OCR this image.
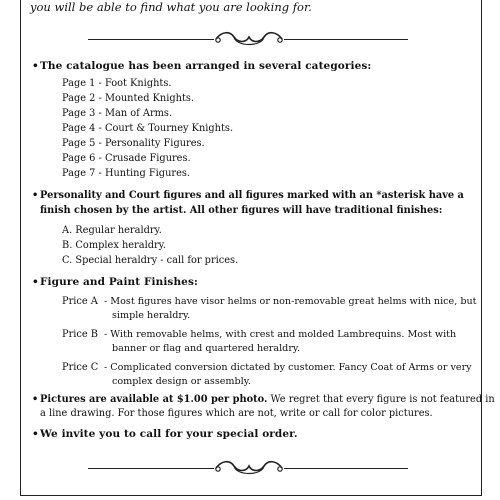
you will be able to find what you are looking for.
•The catalogue has been arranged in several categories:
Page 1 - Foot Knights.
Page 2 - Mounted Knights.
Page 3 - Man of Arms.
Page 4 - Court & Tourney Knights.
Page 5 - Personality Figures.
Page 6 - Crusade Figures.
Page 7 - Hunting Figures.
• Personality and Court figures and all figures marked with an *asterisk have a
finish chosen by the artist. All other figures will have traditional finishes:
A. Regular heraldry.
B. Complex heraldry.
C. Special heraldry - call for prices.
•Figure and Paint Finishes:
Price A - Most figures have visor helms or non-removable great helms with nice, but
simple heraldry.
Price B - With removable helms, with crest and molded Lambrequins. Most with
banner or flag and quartered heraldry.
Price C - Complicated conversion dictated by customer. Fancy Coat of Arms or very
complex design or assembly.
• Pictures are available at $1.00 per photo. We regret that every figure is not featured in
a line drawing. For those figures which are not, write or call for color pictures.
•We invite you to call for your special order.
